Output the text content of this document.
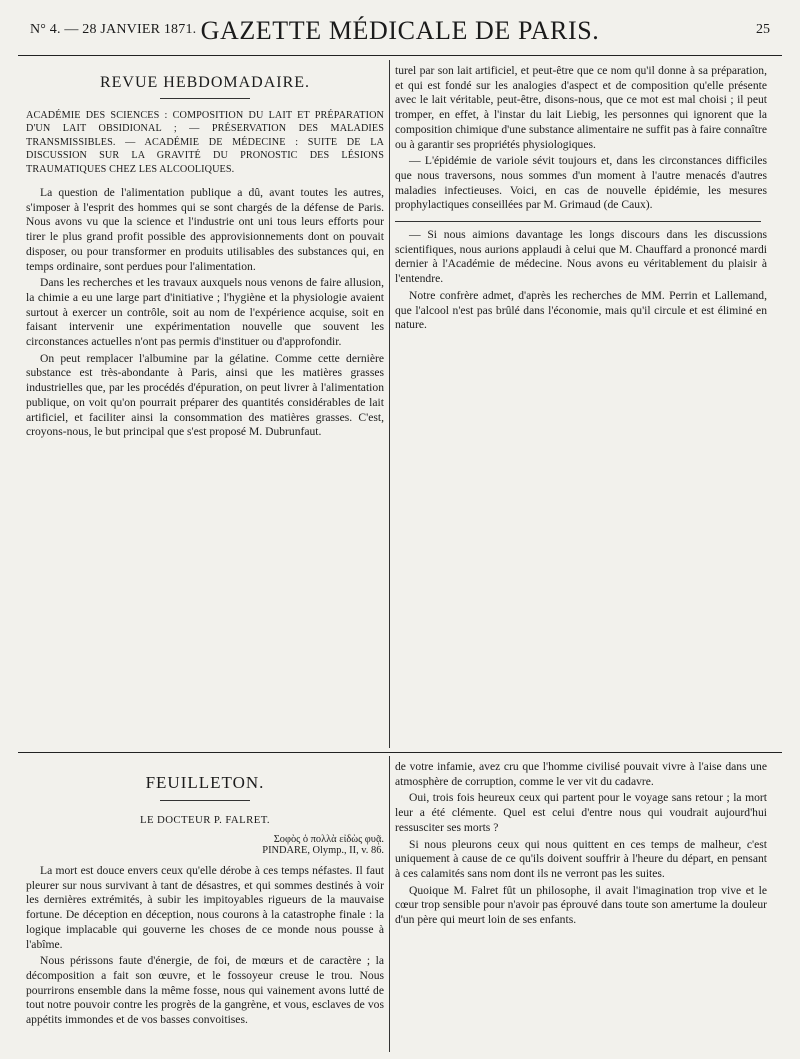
N° 4. — 28 JANVIER 1871. GAZETTE MÉDICALE DE PARIS.	25

REVUE HEBDOMADAIRE.

ACADÉMIE DES SCIENCES : COMPOSITION DU LAIT ET PRÉPARATION D'UN LAIT OBSIDIONAL ; — PRÉSERVATION DES MALADIES TRANSMISSIBLES. — ACADÉMIE DE MÉDECINE : SUITE DE LA DISCUSSION SUR LA GRAVITÉ DU PRONOSTIC DES LÉSIONS TRAUMATIQUES CHEZ LES ALCOOLIQUES.

La question de l'alimentation publique a dû, avant toutes les autres, s'imposer à l'esprit des hommes qui se sont chargés de la défense de Paris. Nous avons vu que la science et l'industrie ont uni tous leurs efforts pour tirer le plus grand profit possible des approvisionnements dont on pouvait disposer, ou pour transformer en produits utilisables des substances qui, en temps ordinaire, sont perdues pour l'alimentation.

Dans les recherches et les travaux auxquels nous venons de faire allusion, la chimie a eu une large part d'initiative ; l'hygiène et la physiologie avaient surtout à exercer un contrôle, soit au nom de l'expérience acquise, soit en faisant intervenir une expérimentation nouvelle que souvent les circonstances actuelles n'ont pas permis d'instituer ou d'approfondir.

On peut remplacer l'albumine par la gélatine. Comme cette dernière substance est très-abondante à Paris, ainsi que les matières grasses industrielles que, par les procédés d'épuration, on peut livrer à l'alimentation publique, on voit qu'on pourrait préparer des quantités considérables de lait artificiel, et faciliter ainsi la consommation des matières grasses. C'est, croyons-nous, le but principal que s'est proposé M. Dubrunfaut.

turel par son lait artificiel, et peut-être que ce nom qu'il donne à sa préparation, et qui est fondé sur les analogies d'aspect et de composition qu'elle présente avec le lait véritable, peut-être, disons-nous, que ce mot est mal choisi ; il peut tromper, en effet, à l'instar du lait Liebig, les personnes qui ignorent que la composition chimique d'une substance alimentaire ne suffit pas à faire connaître ou à garantir ses propriétés physiologiques.

— L'épidémie de variole sévit toujours et, dans les circonstances difficiles que nous traversons, nous sommes d'un moment à l'autre menacés d'autres maladies infectieuses. Voici, en cas de nouvelle épidémie, les mesures prophylactiques conseillées par M. Grimaud (de Caux).

— Si nous aimions davantage les longs discours dans les discussions scientifiques, nous aurions applaudi à celui que M. Chauffard a prononcé mardi dernier à l'Académie de médecine. Nous avons eu véritablement du plaisir à l'entendre.

Notre confrère admet, d'après les recherches de MM. Perrin et Lallemand, que l'alcool n'est pas brûlé dans l'économie, mais qu'il circule et est éliminé en nature.

FEUILLETON.

LE DOCTEUR P. FALRET.

Σοφὸς ὁ πολλὰ εἰδὼς φυᾷ.

PINDARE, Olymp., II, v. 86.

La mort est douce envers ceux qu'elle dérobe à ces temps néfastes. Il faut pleurer sur nous survivant à tant de désastres, et qui sommes destinés à voir les dernières extrémités, à subir les impitoyables rigueurs de la mauvaise fortune. De déception en déception, nous courons à la catastrophe finale : la logique implacable qui gouverne les choses de ce monde nous pousse à l'abîme.

Nous périssons faute d'énergie, de foi, de mœurs et de caractère ; la décomposition a fait son œuvre, et le fossoyeur creuse le trou. Nous pourrirons ensemble dans la même fosse, nous qui vainement avons lutté de tout notre pouvoir contre les progrès de la gangrène, et vous, esclaves de vos appétits immondes et de vos basses convoitises.

de votre infamie, avez cru que l'homme civilisé pouvait vivre à l'aise dans une atmosphère de corruption, comme le ver vit du cadavre.

Oui, trois fois heureux ceux qui partent pour le voyage sans retour ; la mort leur a été clémente. Quel est celui d'entre nous qui voudrait aujourd'hui ressusciter ses morts ?

Si nous pleurons ceux qui nous quittent en ces temps de malheur, c'est uniquement à cause de ce qu'ils doivent souffrir à l'heure du départ, en pensant à ces calamités sans nom dont ils ne verront pas les suites.

Quoique M. Falret fût un philosophe, il avait l'imagination trop vive et le cœur trop sensible pour n'avoir pas éprouvé dans toute son amertume la douleur d'un père qui meurt loin de ses enfants.
